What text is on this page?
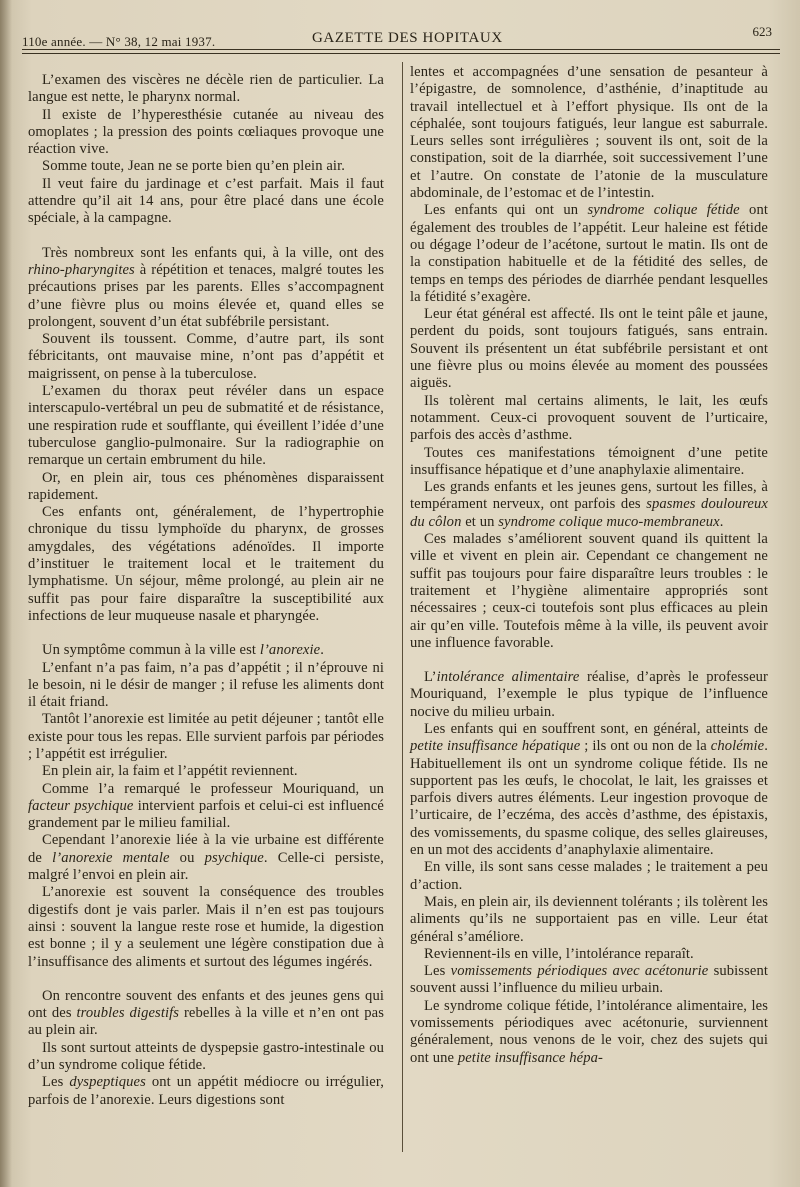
110e année. — N° 38, 12 mai 1937.	GAZETTE DES HOPITAUX	623

L’examen des viscères ne décèle rien de particulier. La langue est nette, le pharynx normal.

Il existe de l’hyperesthésie cutanée au niveau des omoplates ; la pression des points cœliaques provoque une réaction vive.

Somme toute, Jean ne se porte bien qu’en plein air.

Il veut faire du jardinage et c’est parfait. Mais il faut attendre qu’il ait 14 ans, pour être placé dans une école spéciale, à la campagne.

Très nombreux sont les enfants qui, à la ville, ont des rhino-pharyngites à répétition et tenaces, malgré toutes les précautions prises par les parents. Elles s’accompagnent d’une fièvre plus ou moins élevée et, quand elles se prolongent, souvent d’un état subfébrile persistant.

Souvent ils toussent. Comme, d’autre part, ils sont fébricitants, ont mauvaise mine, n’ont pas d’appétit et maigrissent, on pense à la tuberculose.

L’examen du thorax peut révéler dans un espace interscapulo-vertébral un peu de submatité et de résistance, une respiration rude et soufflante, qui éveillent l’idée d’une tuberculose ganglio-pulmonaire. Sur la radiographie on remarque un certain embrument du hile.

Or, en plein air, tous ces phénomènes disparaissent rapidement.

Ces enfants ont, généralement, de l’hypertrophie chronique du tissu lymphoïde du pharynx, de grosses amygdales, des végétations adénoïdes. Il importe d’instituer le traitement local et le traitement du lymphatisme. Un séjour, même prolongé, au plein air ne suffit pas pour faire disparaître la susceptibilité aux infections de leur muqueuse nasale et pharyngée.

Un symptôme commun à la ville est l’anorexie.

L’enfant n’a pas faim, n’a pas d’appétit ; il n’éprouve ni le besoin, ni le désir de manger ; il refuse les aliments dont il était friand.

Tantôt l’anorexie est limitée au petit déjeuner ; tantôt elle existe pour tous les repas. Elle survient parfois par périodes ; l’appétit est irrégulier.

En plein air, la faim et l’appétit reviennent.

Comme l’a remarqué le professeur Mouriquand, un facteur psychique intervient parfois et celui-ci est influencé grandement par le milieu familial.

Cependant l’anorexie liée à la vie urbaine est différente de l’anorexie mentale ou psychique. Celle-ci persiste, malgré l’envoi en plein air.

L’anorexie est souvent la conséquence des troubles digestifs dont je vais parler. Mais il n’en est pas toujours ainsi : souvent la langue reste rose et humide, la digestion est bonne ; il y a seulement une légère constipation due à l’insuffisance des aliments et surtout des légumes ingérés.

On rencontre souvent des enfants et des jeunes gens qui ont des troubles digestifs rebelles à la ville et n’en ont pas au plein air.

Ils sont surtout atteints de dyspepsie gastro-intestinale ou d’un syndrome colique fétide.

Les dyspeptiques ont un appétit médiocre ou irrégulier, parfois de l’anorexie. Leurs digestions sont

lentes et accompagnées d’une sensation de pesanteur à l’épigastre, de somnolence, d’asthénie, d’inaptitude au travail intellectuel et à l’effort physique. Ils ont de la céphalée, sont toujours fatigués, leur langue est saburrale. Leurs selles sont irrégulières ; souvent ils ont, soit de la constipation, soit de la diarrhée, soit successivement l’une et l’autre. On constate de l’atonie de la musculature abdominale, de l’estomac et de l’intestin.

Les enfants qui ont un syndrome colique fétide ont également des troubles de l’appétit. Leur haleine est fétide ou dégage l’odeur de l’acétone, surtout le matin. Ils ont de la constipation habituelle et de la fétidité des selles, de temps en temps des périodes de diarrhée pendant lesquelles la fétidité s’exagère.

Leur état général est affecté. Ils ont le teint pâle et jaune, perdent du poids, sont toujours fatigués, sans entrain. Souvent ils présentent un état subfébrile persistant et ont une fièvre plus ou moins élevée au moment des poussées aiguës.

Ils tolèrent mal certains aliments, le lait, les œufs notamment. Ceux-ci provoquent souvent de l’urticaire, parfois des accès d’asthme.

Toutes ces manifestations témoignent d’une petite insuffisance hépatique et d’une anaphylaxie alimentaire.

Les grands enfants et les jeunes gens, surtout les filles, à tempérament nerveux, ont parfois des spasmes douloureux du côlon et un syndrome colique muco-membraneux.

Ces malades s’améliorent souvent quand ils quittent la ville et vivent en plein air. Cependant ce changement ne suffit pas toujours pour faire disparaître leurs troubles : le traitement et l’hygiène alimentaire appropriés sont nécessaires ; ceux-ci toutefois sont plus efficaces au plein air qu’en ville. Toutefois même à la ville, ils peuvent avoir une influence favorable.

L’intolérance alimentaire réalise, d’après le professeur Mouriquand, l’exemple le plus typique de l’influence nocive du milieu urbain.

Les enfants qui en souffrent sont, en général, atteints de petite insuffisance hépatique ; ils ont ou non de la cholémie. Habituellement ils ont un syndrome colique fétide. Ils ne supportent pas les œufs, le chocolat, le lait, les graisses et parfois divers autres éléments. Leur ingestion provoque de l’urticaire, de l’eczéma, des accès d’asthme, des épistaxis, des vomissements, du spasme colique, des selles glaireuses, en un mot des accidents d’anaphylaxie alimentaire.

En ville, ils sont sans cesse malades ; le traitement a peu d’action.

Mais, en plein air, ils deviennent tolérants ; ils tolèrent les aliments qu’ils ne supportaient pas en ville. Leur état général s’améliore.

Reviennent-ils en ville, l’intolérance reparaît.

Les vomissements périodiques avec acétonurie subissent souvent aussi l’influence du milieu urbain.

Le syndrome colique fétide, l’intolérance alimentaire, les vomissements périodiques avec acétonurie, surviennent généralement, nous venons de le voir, chez des sujets qui ont une petite insuffisance hépa-
